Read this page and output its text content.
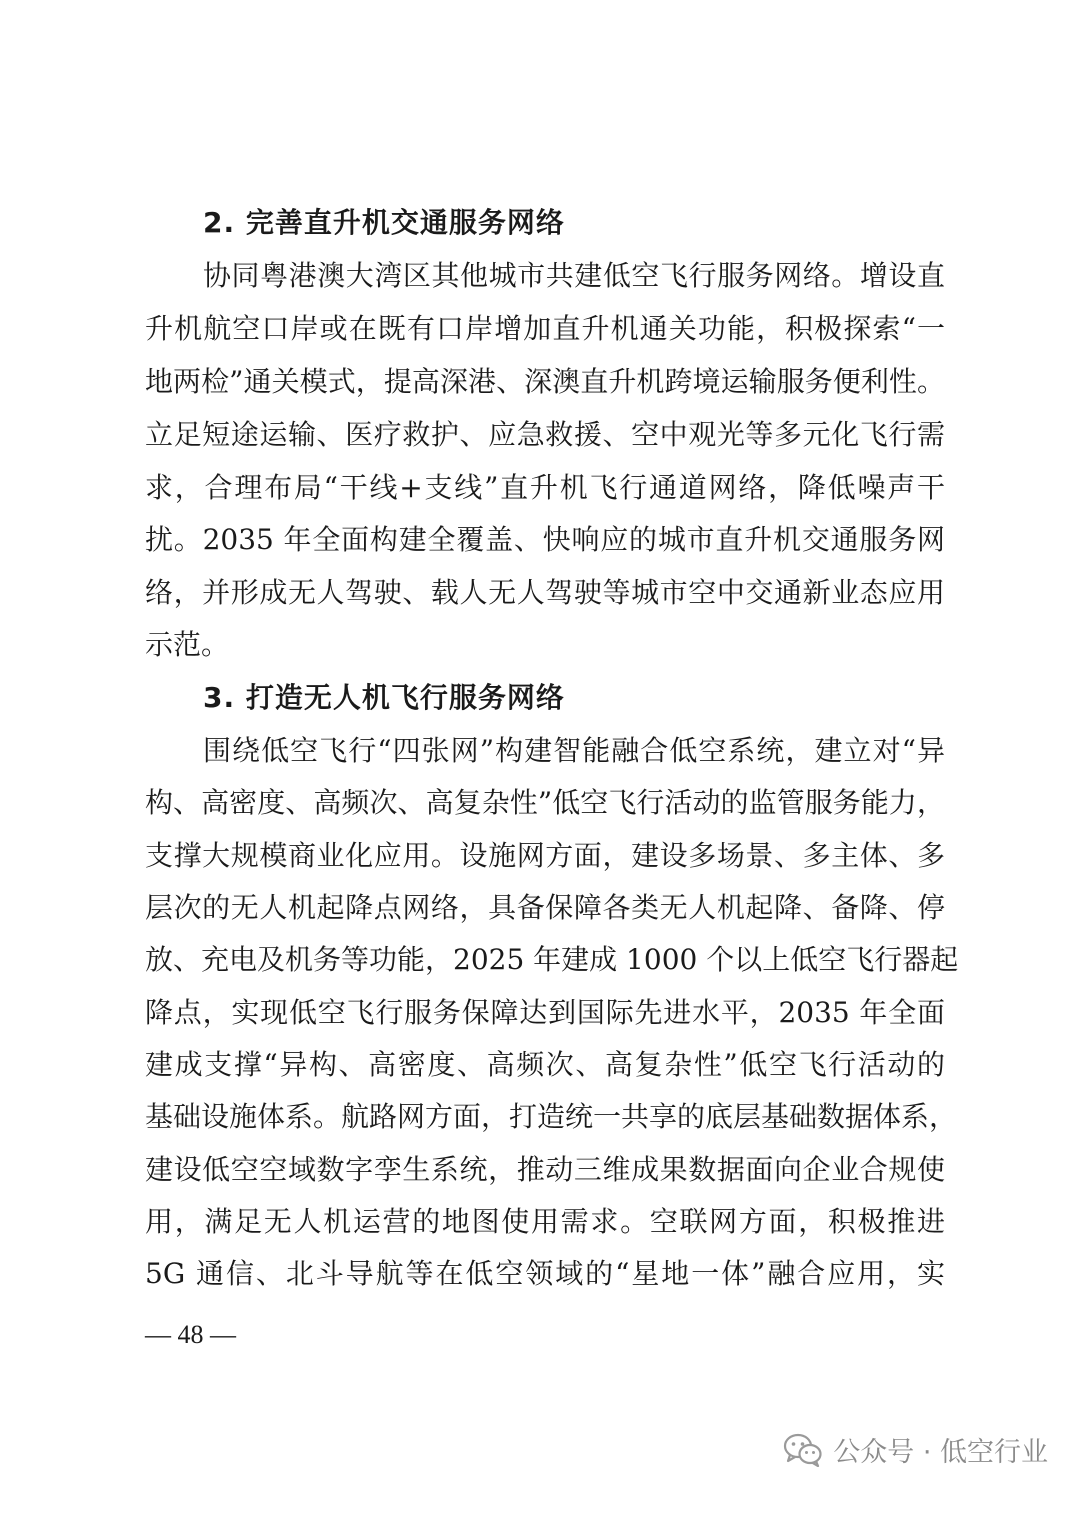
2. 完善直升机交通服务网络
协同粤港澳大湾区其他城市共建低空飞行服务网络。增设直
升机航空口岸或在既有口岸增加直升机通关功能，积极探索“一
地两检”通关模式，提高深港、深澳直升机跨境运输服务便利性。
立足短途运输、医疗救护、应急救援、空中观光等多元化飞行需
求，合理布局“干线+支线”直升机飞行通道网络，降低噪声干
扰。2035 年全面构建全覆盖、快响应的城市直升机交通服务网
络，并形成无人驾驶、载人无人驾驶等城市空中交通新业态应用
示范。
3. 打造无人机飞行服务网络
围绕低空飞行“四张网”构建智能融合低空系统，建立对“异
构、高密度、高频次、高复杂性”低空飞行活动的监管服务能力，
支撑大规模商业化应用。设施网方面，建设多场景、多主体、多
层次的无人机起降点网络，具备保障各类无人机起降、备降、停
放、充电及机务等功能，2025 年建成 1000 个以上低空飞行器起
降点，实现低空飞行服务保障达到国际先进水平，2035 年全面
建成支撑“异构、高密度、高频次、高复杂性”低空飞行活动的
基础设施体系。航路网方面，打造统一共享的底层基础数据体系，
建设低空空域数字孪生系统，推动三维成果数据面向企业合规使
用，满足无人机运营的地图使用需求。空联网方面，积极推进
5G 通信、北斗导航等在低空领域的“星地一体”融合应用，实
— 48 —
公众号 · 低空行业
